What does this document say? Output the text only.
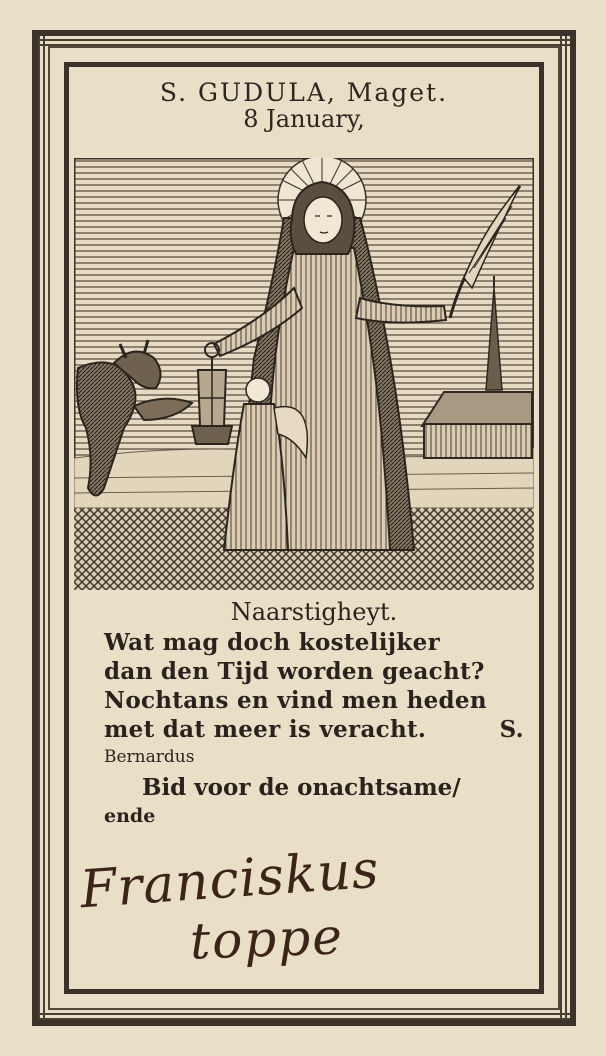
S. GUDULA, Maget.
8 January,
Naarstigheyt.
Wat mag doch kostelijker
dan den Tijd worden geacht?
Nochtans en vind men heden
met dat meer is veracht.	S.
Bernardus
Bid voor de onachtsame/
ende
Franciskus
toppe
